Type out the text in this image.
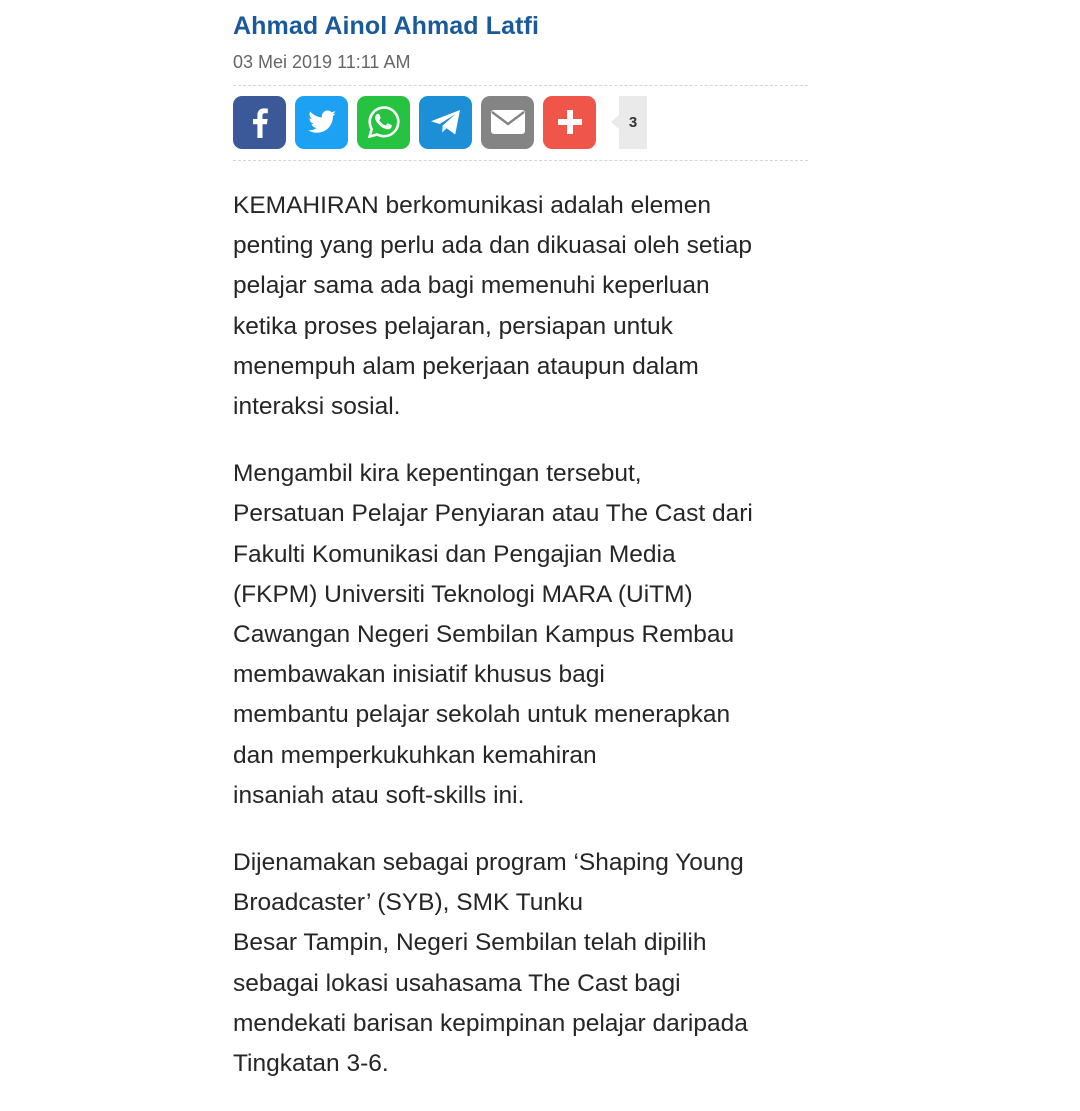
Ahmad Ainol Ahmad Latfi
03 Mei 2019 11:11 AM
3

KEMAHIRAN berkomunikasi adalah elemen
penting yang perlu ada dan dikuasai oleh setiap
pelajar sama ada bagi memenuhi keperluan
ketika proses pelajaran, persiapan untuk
menempuh alam pekerjaan ataupun dalam
interaksi sosial.

Mengambil kira kepentingan tersebut,
Persatuan Pelajar Penyiaran atau The Cast dari
Fakulti Komunikasi dan Pengajian Media
(FKPM) Universiti Teknologi MARA (UiTM)
Cawangan Negeri Sembilan Kampus Rembau
membawakan inisiatif khusus bagi
membantu pelajar sekolah untuk menerapkan
dan memperkukuhkan kemahiran
insaniah atau soft-skills ini.

Dijenamakan sebagai program ‘Shaping Young
Broadcaster’ (SYB), SMK Tunku
Besar Tampin, Negeri Sembilan telah dipilih
sebagai lokasi usahasama The Cast bagi
mendekati barisan kepimpinan pelajar daripada
Tingkatan 3-6.
